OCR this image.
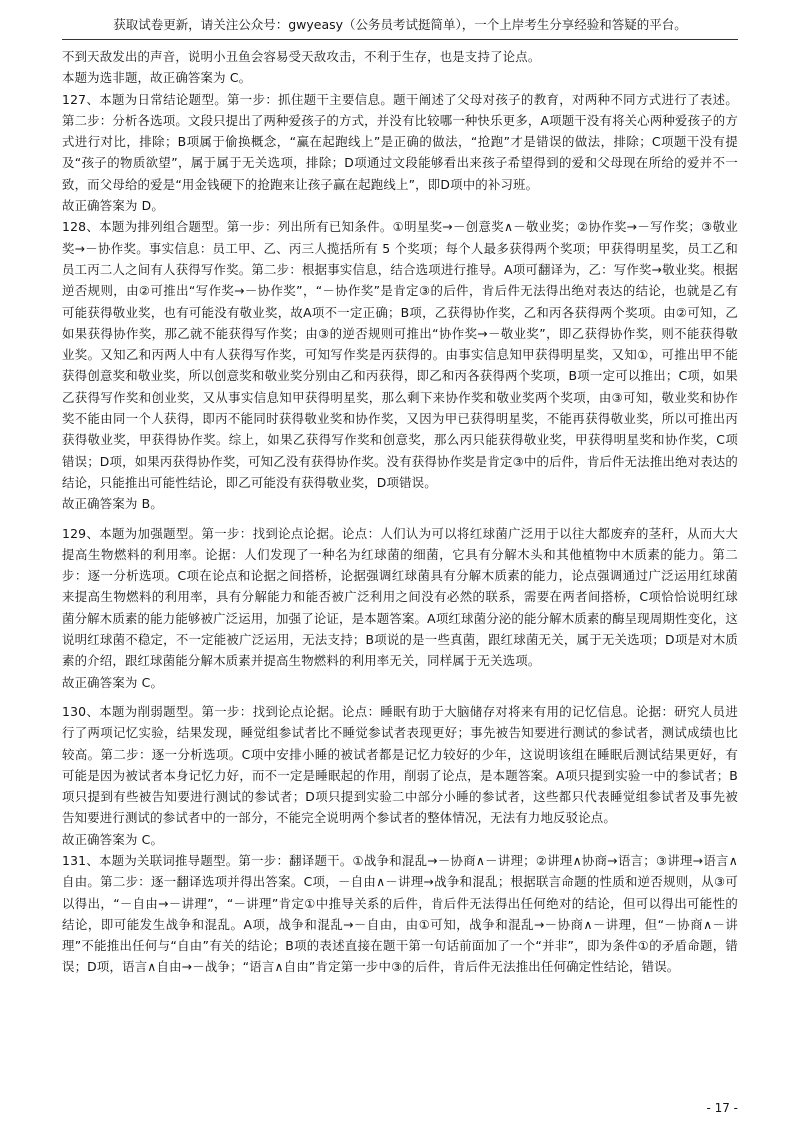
获取试卷更新，请关注公众号：gwyeasy（公务员考试挺简单），一个上岸考生分享经验和答疑的平台。

不到天敌发出的声音，说明小丑鱼会容易受天敌攻击，不利于生存，也是支持了论点。

本题为选非题，故正确答案为 C。

127、本题为日常结论题型。第一步：抓住题干主要信息。题干阐述了父母对孩子的教育，对两种不同方式进行了表述。第二步：分析各选项。文段只提出了两种爱孩子的方式，并没有比较哪一种快乐更多，A项题干没有将关心两种爱孩子的方式进行对比，排除；B项属于偷换概念，“赢在起跑线上”是正确的做法，“抢跑”才是错误的做法，排除；C项题干没有提及“孩子的物质欲望”，属于属于无关选项，排除；D项通过文段能够看出来孩子希望得到的爱和父母现在所给的爱并不一致，而父母给的爱是“用金钱硬下的抢跑来让孩子赢在起跑线上”，即D项中的补习班。

故正确答案为 D。

128、本题为排列组合题型。第一步：列出所有已知条件。①明星奖→－创意奖∧－敬业奖；②协作奖→－写作奖；③敬业奖→－协作奖。事实信息：员工甲、乙、丙三人揽括所有 5 个奖项；每个人最多获得两个奖项；甲获得明星奖，员工乙和员工丙二人之间有人获得写作奖。第二步：根据事实信息，结合选项进行推导。A项可翻译为，乙：写作奖→敬业奖。根据逆否规则，由②可推出“写作奖→－协作奖”，“－协作奖”是肯定③的后件，肯后件无法得出绝对表达的结论，也就是乙有可能获得敬业奖，也有可能没有敬业奖，故A项不一定正确；B项，乙获得协作奖，乙和丙各获得两个奖项。由②可知，乙如果获得协作奖，那乙就不能获得写作奖；由③的逆否规则可推出“协作奖→－敬业奖”，即乙获得协作奖，则不能获得敬业奖。又知乙和丙两人中有人获得写作奖，可知写作奖是丙获得的。由事实信息知甲获得明星奖，又知①，可推出甲不能获得创意奖和敬业奖，所以创意奖和敬业奖分别由乙和丙获得，即乙和丙各获得两个奖项，B项一定可以推出；C项，如果乙获得写作奖和创业奖，又从事实信息知甲获得明星奖，那么剩下来协作奖和敬业奖两个奖项，由③可知，敬业奖和协作奖不能由同一个人获得，即丙不能同时获得敬业奖和协作奖，又因为甲已获得明星奖，不能再获得敬业奖，所以可推出丙获得敬业奖，甲获得协作奖。综上，如果乙获得写作奖和创意奖，那么丙只能获得敬业奖，甲获得明星奖和协作奖，C项错误；D项，如果丙获得协作奖，可知乙没有获得协作奖。没有获得协作奖是肯定③中的后件，肯后件无法推出绝对表达的结论，只能推出可能性结论，即乙可能没有获得敬业奖，D项错误。

故正确答案为 B。

129、本题为加强题型。第一步：找到论点论据。论点：人们认为可以将红球菌广泛用于以往大都废弃的茎秆，从而大大提高生物燃料的利用率。论据：人们发现了一种名为红球菌的细菌，它具有分解木头和其他植物中木质素的能力。第二步：逐一分析选项。C项在论点和论据之间搭桥，论据强调红球菌具有分解木质素的能力，论点强调通过广泛运用红球菌来提高生物燃料的利用率，具有分解能力和能否被广泛利用之间没有必然的联系，需要在两者间搭桥，C项恰恰说明红球菌分解木质素的能力能够被广泛运用，加强了论证，是本题答案。A项红球菌分泌的能分解木质素的酶呈现周期性变化，这说明红球菌不稳定，不一定能被广泛运用，无法支持；B项说的是一些真菌，跟红球菌无关，属于无关选项；D项是对木质素的介绍，跟红球菌能分解木质素并提高生物燃料的利用率无关，同样属于无关选项。

故正确答案为 C。

130、本题为削弱题型。第一步：找到论点论据。论点：睡眠有助于大脑储存对将来有用的记忆信息。论据：研究人员进行了两项记忆实验，结果发现，睡觉组参试者比不睡觉参试者表现更好；事先被告知要进行测试的参试者，测试成绩也比较高。第二步：逐一分析选项。C项中安排小睡的被试者都是记忆力较好的少年，这说明该组在睡眠后测试结果更好，有可能是因为被试者本身记忆力好，而不一定是睡眠起的作用，削弱了论点，是本题答案。A项只提到实验一中的参试者；B项只提到有些被告知要进行测试的参试者；D项只提到实验二中部分小睡的参试者，这些都只代表睡觉组参试者及事先被告知要进行测试的参试者中的一部分，不能完全说明两个参试者的整体情况，无法有力地反驳论点。

故正确答案为 C。

131、本题为关联词推导题型。第一步：翻译题干。①战争和混乱→－协商∧－讲理；②讲理∧协商→语言；③讲理→语言∧自由。第二步：逐一翻译选项并得出答案。C项，－自由∧－讲理→战争和混乱；根据联言命题的性质和逆否规则，从③可以得出，“－自由→－讲理”，“－讲理”肯定①中推导关系的后件，肯后件无法得出任何绝对的结论，但可以得出可能性的结论，即可能发生战争和混乱。A项，战争和混乱→－自由，由①可知，战争和混乱→－协商∧－讲理，但“－协商∧－讲理”不能推出任何与“自由”有关的结论；B项的表述直接在题干第一句话前面加了一个“并非”，即为条件①的矛盾命题，错误；D项，语言∧自由→－战争；“语言∧自由”肯定第一步中③的后件，肯后件无法推出任何确定性结论，错误。

- 17 -
